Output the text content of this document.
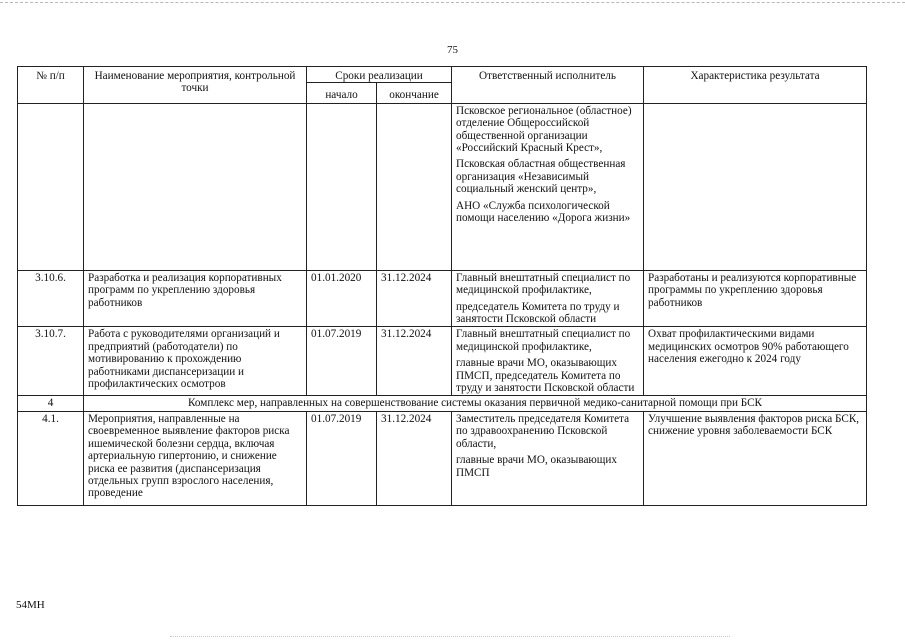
75
№ п/п	Наименование мероприятия, контрольной точки	Сроки реализации		Ответственный исполнитель	Характеристика результата
		начало	окончание		

				Псковское региональное (областное) отделение Общероссийской общественной организации «Российский Красный Крест»,
Псковская областная общественная организация «Независимый социальный женский центр»,
АНО «Служба психологической помощи населению «Дорога жизни»	

3.10.6.	Разработка и реализация корпоративных программ по укреплению здоровья работников	01.01.2020	31.12.2024	Главный внештатный специалист по медицинской профилактике,
председатель Комитета по труду и занятости Псковской области	Разработаны и реализуются корпоративные программы по укреплению здоровья работников
3.10.7.	Работа с руководителями организаций и предприятий (работодатели) по мотивированию к прохождению работниками диспансеризации и профилактических осмотров	01.07.2019	31.12.2024	Главный внештатный специалист по медицинской профилактике,
главные врачи МО, оказывающих ПМСП, председатель Комитета по труду и занятости Псковской области	Охват профилактическими видами медицинских осмотров 90% работающего населения ежегодно к 2024 году
4	Комплекс мер, направленных на совершенствование системы оказания первичной медико-санитарной помощи при БСК				
4.1.	Мероприятия, направленные на своевременное выявление факторов риска ишемической болезни сердца, включая артериальную гипертонию, и снижение риска ее развития (диспансеризация отдельных групп взрослого населения, проведение	01.07.2019	31.12.2024	Заместитель председателя Комитета по здравоохранению Псковской области,
главные врачи МО, оказывающих ПМСП	Улучшение выявления факторов риска БСК, снижение уровня заболеваемости БСК
54МН
